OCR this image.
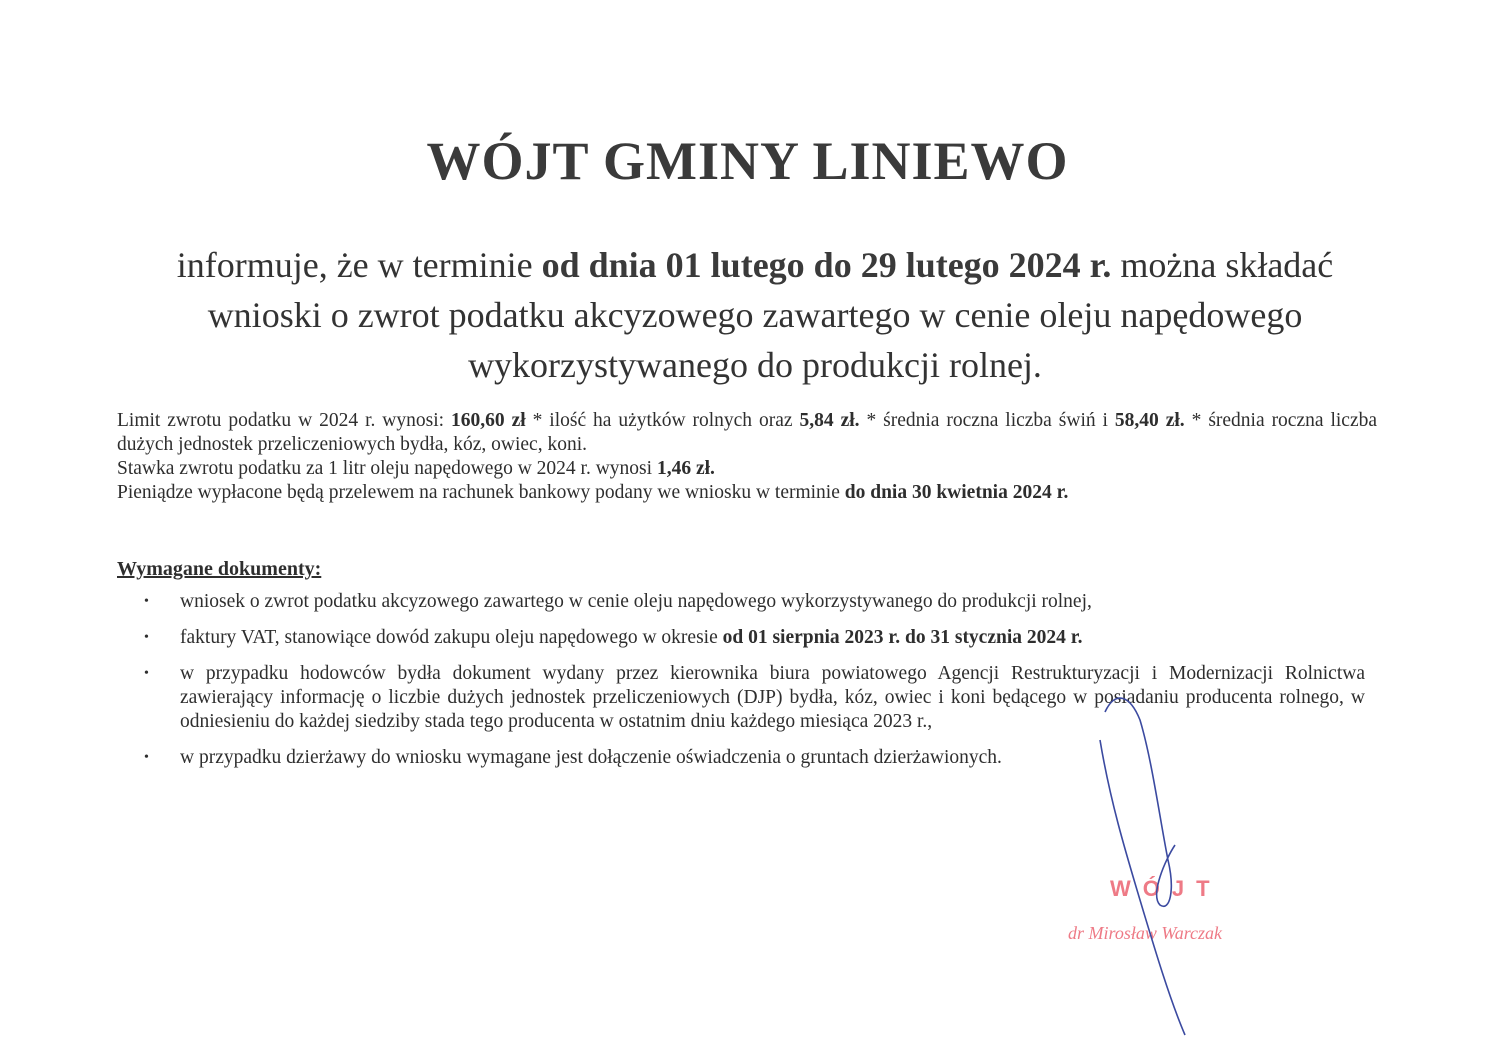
WÓJT GMINY LINIEWO
informuje, że w terminie od dnia 01 lutego do 29 lutego 2024 r. można składać wnioski o zwrot podatku akcyzowego zawartego w cenie oleju napędowego wykorzystywanego do produkcji rolnej.

Limit zwrotu podatku w 2024 r. wynosi: 160,60 zł * ilość ha użytków rolnych oraz 5,84 zł. * średnia roczna liczba świń i 58,40 zł. * średnia roczna liczba dużych jednostek przeliczeniowych bydła, kóz, owiec, koni.

Stawka zwrotu podatku za 1 litr oleju napędowego w 2024 r. wynosi 1,46 zł.

Pieniądze wypłacone będą przelewem na rachunek bankowy podany we wniosku w terminie do dnia 30 kwietnia 2024 r.

Wymagane dokumenty:
• wniosek o zwrot podatku akcyzowego zawartego w cenie oleju napędowego wykorzystywanego do produkcji rolnej,
• faktury VAT, stanowiące dowód zakupu oleju napędowego w okresie od 01 sierpnia 2023 r. do 31 stycznia 2024 r.
• w przypadku hodowców bydła dokument wydany przez kierownika biura powiatowego Agencji Restrukturyzacji i Modernizacji Rolnictwa zawierający informację o liczbie dużych jednostek przeliczeniowych (DJP) bydła, kóz, owiec i koni będącego w posiadaniu producenta rolnego, w odniesieniu do każdej siedziby stada tego producenta w ostatnim dniu każdego miesiąca 2023 r.,
• w przypadku dzierżawy do wniosku wymagane jest dołączenie oświadczenia o gruntach dzierżawionych.
WÓJT
dr Mirosław Warczak
